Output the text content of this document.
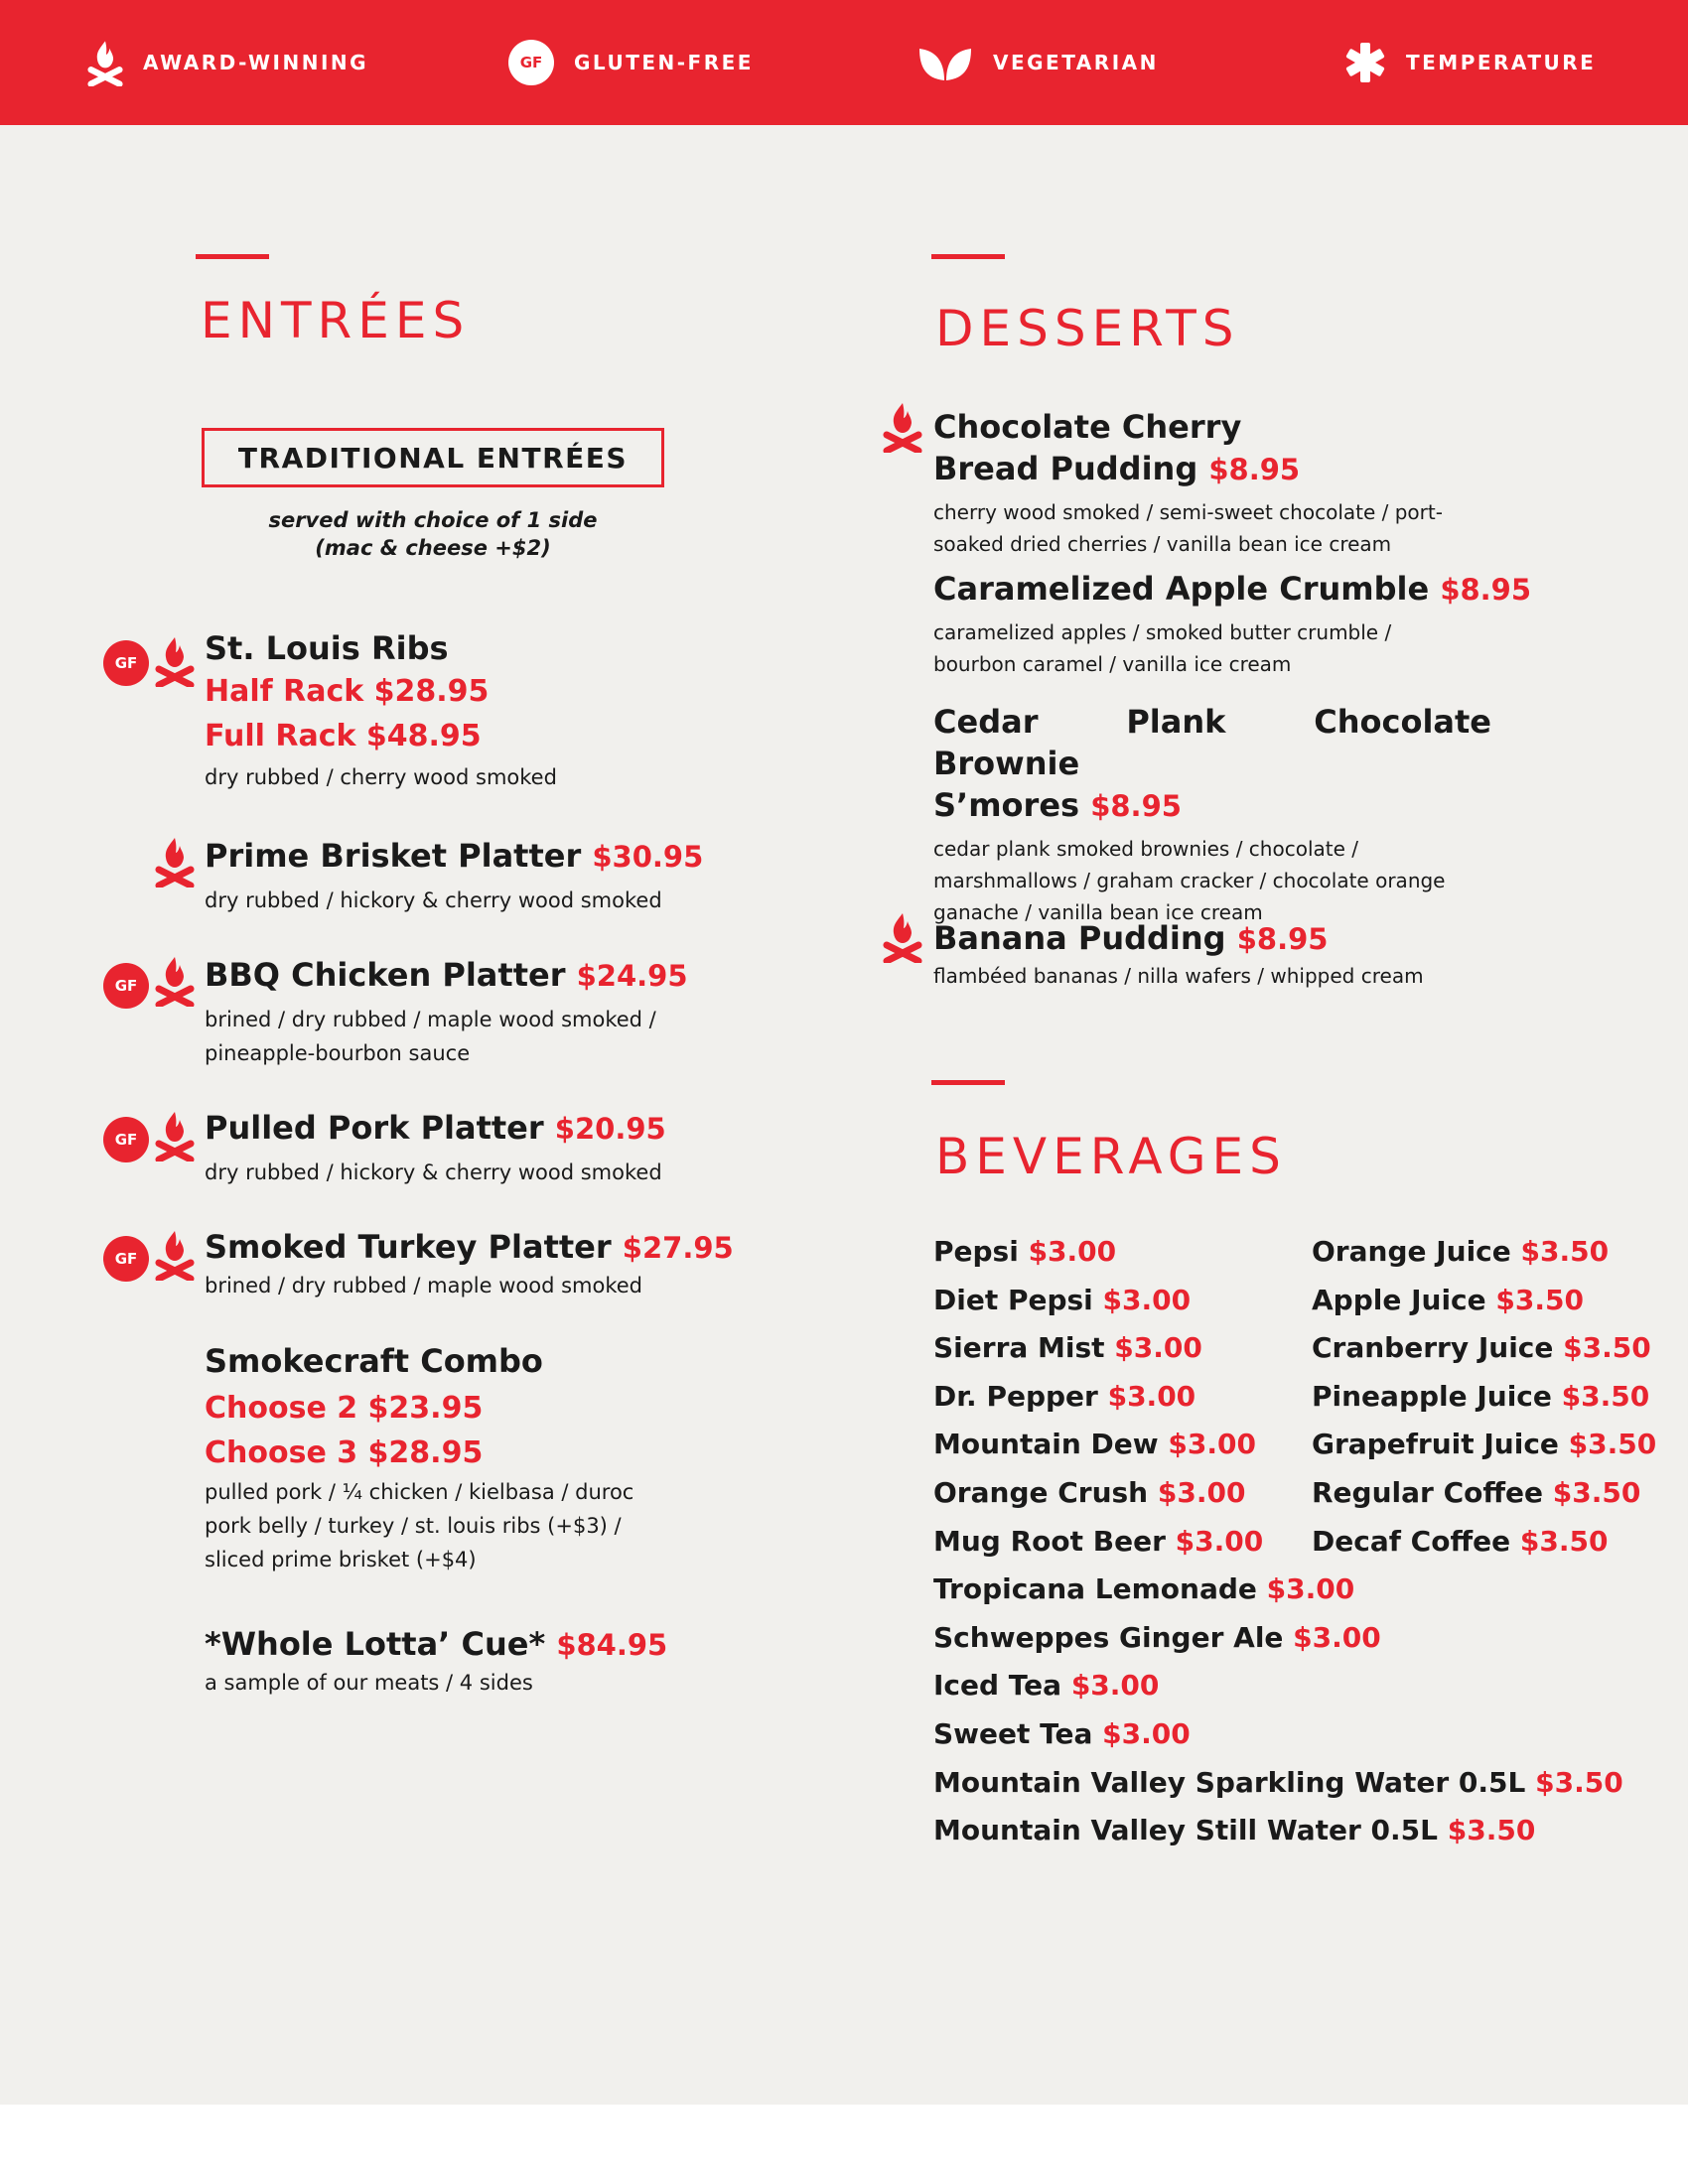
AWARD-WINNING	GF	GLUTEN-FREE	VEGETARIAN	TEMPERATURE
ENTRÉES
TRADITIONAL ENTRÉES
served with choice of 1 side
(mac & cheese +$2)
GF	St. Louis Ribs
Half Rack $28.95
Full Rack $48.95
dry rubbed / cherry wood smoked
Prime Brisket Platter $30.95
dry rubbed / hickory & cherry wood smoked
GF	BBQ Chicken Platter $24.95
brined / dry rubbed / maple wood smoked /
pineapple-bourbon sauce
GF	Pulled Pork Platter $20.95
dry rubbed / hickory & cherry wood smoked
GF	Smoked Turkey Platter $27.95
brined / dry rubbed / maple wood smoked
Smokecraft Combo
Choose 2 $23.95
Choose 3 $28.95
pulled pork / ¼ chicken / kielbasa / duroc
pork belly / turkey / st. louis ribs (+$3) /
sliced prime brisket (+$4)
*Whole Lotta’ Cue* $84.95
a sample of our meats / 4 sides
DESSERTS
Chocolate Cherry
Bread Pudding $8.95
cherry wood smoked / semi-sweet chocolate / port-
soaked dried cherries / vanilla bean ice cream
Caramelized Apple Crumble $8.95
caramelized apples / smoked butter crumble /
bourbon caramel / vanilla ice cream
Cedar Plank Chocolate Brownie
S’mores $8.95
cedar plank smoked brownies / chocolate /
marshmallows / graham cracker / chocolate orange
ganache / vanilla bean ice cream
Banana Pudding $8.95
flambéed bananas / nilla wafers / whipped cream
BEVERAGES
Pepsi $3.00
Diet Pepsi $3.00
Sierra Mist $3.00
Dr. Pepper $3.00
Mountain Dew $3.00
Orange Crush $3.00
Mug Root Beer $3.00
Tropicana Lemonade $3.00
Schweppes Ginger Ale $3.00
Iced Tea $3.00
Sweet Tea $3.00
Mountain Valley Sparkling Water 0.5L $3.50
Mountain Valley Still Water 0.5L $3.50
Orange Juice $3.50
Apple Juice $3.50
Cranberry Juice $3.50
Pineapple Juice $3.50
Grapefruit Juice $3.50
Regular Coffee $3.50
Decaf Coffee $3.50
